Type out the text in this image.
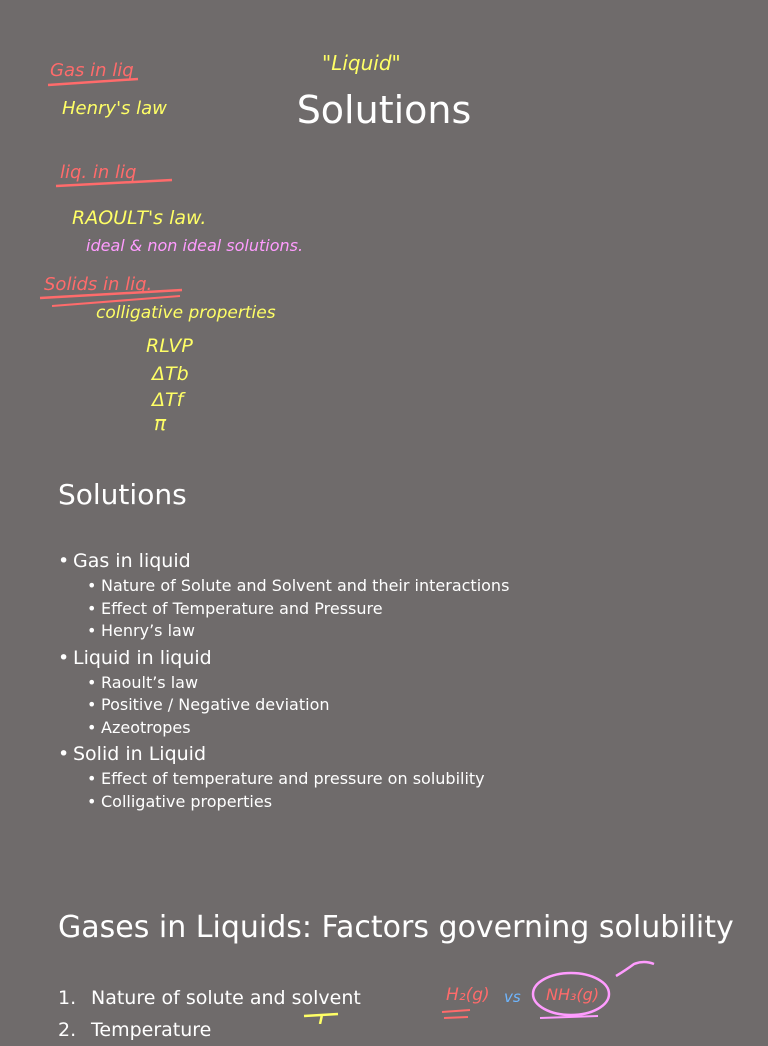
Solutions
"Liquid"
Gas in liq
Henry's law
liq. in liq
RAOULT's law.
ideal & non ideal solutions.
Solids in liq.
colligative properties
RLVP
ΔTb
ΔTf
π
Solutions
• Gas in liquid
• Nature of Solute and Solvent and their interactions
• Effect of Temperature and Pressure
• Henry’s law
• Liquid in liquid
• Raoult’s law
• Positive / Negative deviation
• Azeotropes
• Solid in Liquid
• Effect of temperature and pressure on solubility
• Colligative properties
Gases in Liquids: Factors governing solubility
1. Nature of solute and solvent
2. Temperature
H₂(g) vs NH₃(g)
